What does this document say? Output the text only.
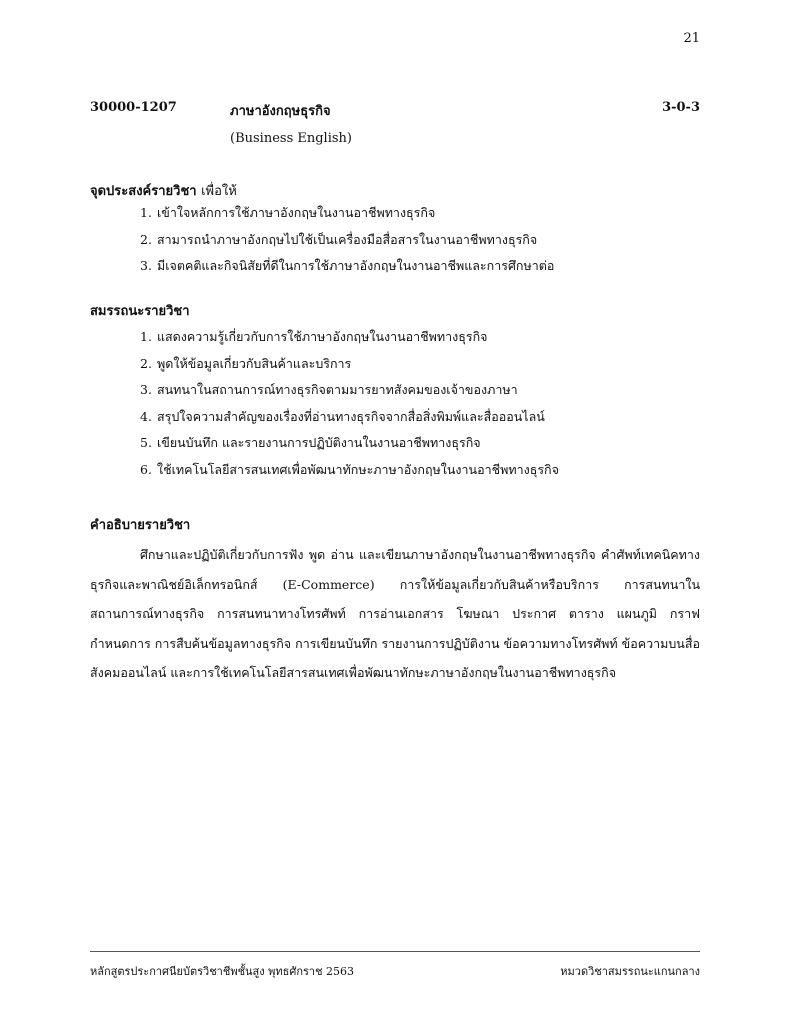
21
30000-1207	ภาษาอังกฤษธุรกิจ	3-0-3
(Business English)
จุดประสงค์รายวิชา เพื่อให้
1. เข้าใจหลักการใช้ภาษาอังกฤษในงานอาชีพทางธุรกิจ
2. สามารถนำภาษาอังกฤษไปใช้เป็นเครื่องมือสื่อสารในงานอาชีพทางธุรกิจ
3. มีเจตคติและกิจนิสัยที่ดีในการใช้ภาษาอังกฤษในงานอาชีพและการศึกษาต่อ
สมรรถนะรายวิชา
1. แสดงความรู้เกี่ยวกับการใช้ภาษาอังกฤษในงานอาชีพทางธุรกิจ
2. พูดให้ข้อมูลเกี่ยวกับสินค้าและบริการ
3. สนทนาในสถานการณ์ทางธุรกิจตามมารยาทสังคมของเจ้าของภาษา
4. สรุปใจความสำคัญของเรื่องที่อ่านทางธุรกิจจากสื่อสิ่งพิมพ์และสื่อออนไลน์
5. เขียนบันทึก และรายงานการปฏิบัติงานในงานอาชีพทางธุรกิจ
6. ใช้เทคโนโลยีสารสนเทศเพื่อพัฒนาทักษะภาษาอังกฤษในงานอาชีพทางธุรกิจ
คำอธิบายรายวิชา

ศึกษาและปฏิบัติเกี่ยวกับการฟัง พูด อ่าน และเขียนภาษาอังกฤษในงานอาชีพทางธุรกิจ คำศัพท์เทคนิคทางธุรกิจและพาณิชย์อิเล็กทรอนิกส์ (E-Commerce) การให้ข้อมูลเกี่ยวกับสินค้าหรือบริการ การสนทนาในสถานการณ์ทางธุรกิจ การสนทนาทางโทรศัพท์ การอ่านเอกสาร โฆษณา ประกาศ ตาราง แผนภูมิ กราฟ กำหนดการ การสืบค้นข้อมูลทางธุรกิจ การเขียนบันทึก รายงานการปฏิบัติงาน ข้อความทางโทรศัพท์ ข้อความบนสื่อสังคมออนไลน์ และการใช้เทคโนโลยีสารสนเทศเพื่อพัฒนาทักษะภาษาอังกฤษในงานอาชีพทางธุรกิจ

หลักสูตรประกาศนียบัตรวิชาชีพชั้นสูง พุทธศักราช 2563	หมวดวิชาสมรรถนะแกนกลาง
